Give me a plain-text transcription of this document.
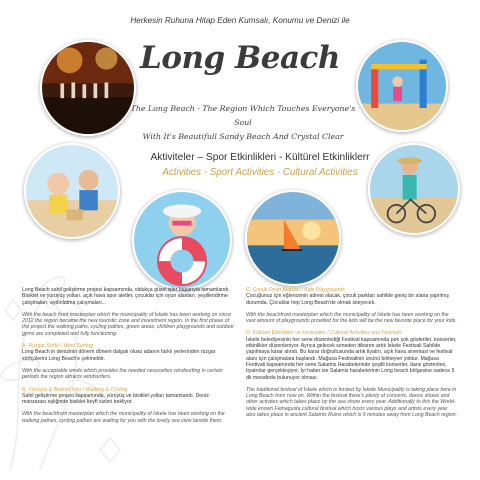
Herkesin Ruhuna Hitap Eden Kumsalı, Konumu ve Denizi ile
Long Beach
The Long Beach - The Region Which Touches Everyone's Soul
With It's Beautifull Sandy Beach And Crystal Clear
Aktiviteler – Spor Etkinlikleri - Kültürel Etkinliklerr
Activities - Sport Activities - Cultural Activities

Long Beach sahil geliştirme projesi kapsamında, oldukça güzel işler başarıyla tamamlandı. Bisiklet ve yürüyüş yolları, açık hava spor aletler, çocuklar için oyun alanları, yeşillendirme çalışmaları, aydınlatma çalışmaları...

With the beach front masterplan which the municipality of İskele has been working on since 2012 the region became the new touristic zone and investment region. In the first phase of the project the walking paths, cycling pathes, green areas, children playgrounds and outdoor gyms are completed and fully functioning.

A. Rüzgar Sörfü / Wind Surfing

Long Beach in denizinin dönem dönem dalgalı olusu adanın farklı yerlerinden rüzgar sörfçülerini Long Beach'e çekmektir.

With the acceptable winds which provides the needed necessities windsurfing in certain periods the region attracts windsurfers.

B. Yürüyüş & Bisiklet Yolu / Walking & Cycling

Sahil geliştirme projesi kapsamında, yürüyüş ve bisiklet yolları tamamlandı. Deniz manzarası eşliğinde bisiklet keyfi sizleri bekliyor.

With the beachfront masterplan which the municipality of İskele has been working on the walking pathes, cycling pathes are waiting for you with the lovely sea view beside them.

C. Çocuk Oyun Alanları / Kids Playgrounds

Çocuğunuz için eğlencenin adresi olacak, çocuk parkları sahilde geniş bir alana yapılmış durumda. Çocuklar hep Long Beach'de olmak isteyecek.

With the beachfront masterplan which the municipality of İskele has been working on the vast amount of playgrounds provided for the kids will be the new favorite place for your kids.

D. Kültürel Etkinlikler ve Festivaller / Cultural Activities and Festivals

İskele belediyesinin her sene düzenlediği Festival kapsamında pek çok gösteriler, konserler, etkinlikler düzenleniyor. Ayrıca gelecek seneden itibaren artık İskele Festivali Sahilde yapılmaya karar alındı. Bu karar doğrultusunda artık tiyatro, açık hava sinemasi ve festival alanı için çalışmalara başlandı. Mağusa Festivalinin ününü bilmeyen yoktur. Mağusa Festivali kapsamında her sene Salamis Harabelerinde çeşitli konserler, dans gösterileri, tiyatrolar gerçekleşiyor. İyi haber ise Salamis harabelerinin Long beach bölgesine sadece 5 dk mesafede bulunuyor olması.

The traditional festival of İskele which is hosted by İskele Municipality is taking place here in Long Beach from now on. Within the festival there's plenty of concerts, dance shows and other activites which takes place by the sea shore every year. Additionally to this the World-wide known Famagusta cultural festival which hosts various plays and artists every year also takes place in ancient Salamis Ruins which is 5 minutes away from Long Beach region.
